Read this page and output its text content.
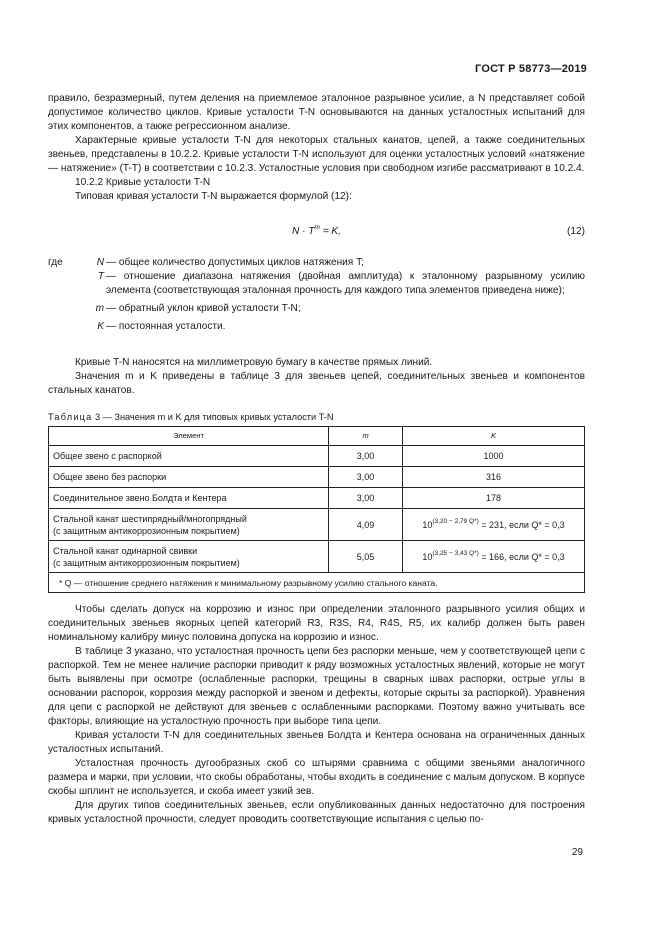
ГОСТ Р 58773—2019

правило, безразмерный, путем деления на приемлемое эталонное разрывное усилие, а N представляет собой допустимое количество циклов. Кривые усталости T-N основываются на данных усталостных испытаний для этих компонентов, а также регрессионном анализе.

Характерные кривые усталости T-N для некоторых стальных канатов, цепей, а также соединительных звеньев, представлены в 10.2.2. Кривые усталости T-N используют для оценки усталостных условий «натяжение — натяжение» (T-T) в соответствии с 10.2.3. Усталостные условия при свободном изгибе рассматривают в 10.2.4.

10.2.2 Кривые усталости T-N

Типовая кривая усталости T-N выражается формулой (12):

$N \cdot T^m = K$,	(12)
где	N — общее количество допустимых циклов натяжения T;
T — отношение диапазона натяжения (двойная амплитуда) к эталонному разрывному усилию элемента (соответствующая эталонная прочность для каждого типа элементов приведена ниже);
m — обратный уклон кривой усталости T-N;
K — постоянная усталости.

Кривые T-N наносятся на миллиметровую бумагу в качестве прямых линий.

Значения m и K приведены в таблице 3 для звеньев цепей, соединительных звеньев и компонентов стальных канатов.

Таблица 3 — Значения m и K для типовых кривых усталости T-N
Элемент	m	K
Общее звено с распоркой	3,00	1000
Общее звено без распорки	3,00	316
Соединительное звено Болдта и Кентера	3,00	178

Стальной канат шестипрядный/многопрядный
(с защитным антикоррозионным покрытием)	4,09	$10^{(3,20 - 2,79 Q*)} = 231$, если Q* = 0,3

Стальной канат одинарной свивки
(с защитным антикоррозионным покрытием)	5,05	$10^{(3,25 - 3,43 Q*)} = 166$, если Q* = 0,3
* Q — отношение среднего натяжения к минимальному разрывному усилию стального каната.		

Чтобы сделать допуск на коррозию и износ при определении эталонного разрывного усилия общих и соединительных звеньев якорных цепей категорий R3, R3S, R4, R4S, R5, их калибр должен быть равен номинальному калибру минус половина допуска на коррозию и износ.

В таблице 3 указано, что усталостная прочность цепи без распорки меньше, чем у соответствующей цепи с распоркой. Тем не менее наличие распорки приводит к ряду возможных усталостных явлений, которые не могут быть выявлены при осмотре (ослабленные распорки, трещины в сварных швах распорки, острые углы в основании распорок, коррозия между распоркой и звеном и дефекты, которые скрыты за распоркой). Уравнения для цепи с распоркой не действуют для звеньев с ослабленными распорками. Поэтому важно учитывать все факторы, влияющие на усталостную прочность при выборе типа цепи.

Кривая усталости T-N для соединительных звеньев Болдта и Кентера основана на ограниченных данных усталостных испытаний.

Усталостная прочность дугообразных скоб со штырями сравнима с общими звеньями аналогичного размера и марки, при условии, что скобы обработаны, чтобы входить в соединение с малым допуском. В корпусе скобы шплинт не используется, и скоба имеет узкий зев.

Для других типов соединительных звеньев, если опубликованных данных недостаточно для построения кривых усталостной прочности, следует проводить соответствующие испытания с целью по-

29
